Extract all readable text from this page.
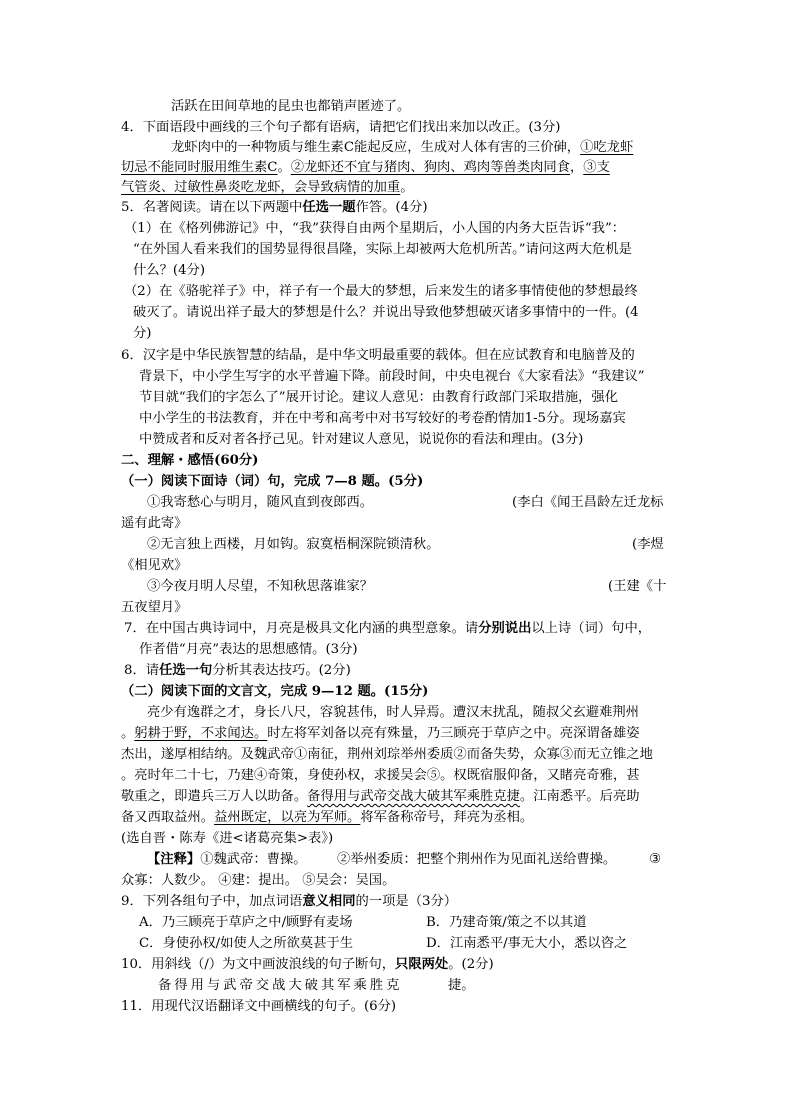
活跃在田间草地的昆虫也都销声匿迹了。
4．下面语段中画线的三个句子都有语病，请把它们找出来加以改正。(3分)
龙虾肉中的一种物质与维生素C能起反应，生成对人体有害的三价砷，①吃龙虾
切忌不能同时服用维生素C。②龙虾还不宜与猪肉、狗肉、鸡肉等兽类肉同食，③支
气管炎、过敏性鼻炎吃龙虾，会导致病情的加重。
5．名著阅读。请在以下两题中任选一题作答。(4分)
（1）在《格列佛游记》中，“我”获得自由两个星期后，小人国的内务大臣告诉“我”：
“在外国人看来我们的国势显得很昌隆，实际上却被两大危机所苦。”请问这两大危机是
什么？(4分)
（2）在《骆驼祥子》中，祥子有一个最大的梦想，后来发生的诸多事情使他的梦想最终
破灭了。请说出祥子最大的梦想是什么？并说出导致他梦想破灭诸多事情中的一件。(4
分)
6．汉字是中华民族智慧的结晶，是中华文明最重要的载体。但在应试教育和电脑普及的
背景下，中小学生写字的水平普遍下降。前段时间，中央电视台《大家看法》“我建议”
节目就“我们的字怎么了”展开讨论。建议人意见：由教育行政部门采取措施，强化
中小学生的书法教育，并在中考和高考中对书写较好的考卷酌情加1-5分。现场嘉宾
中赞成者和反对者各抒己见。针对建议人意见，说说你的看法和理由。(3分)
二、理解・感悟(60分)
（一）阅读下面诗（词）句，完成 7—8 题。(5分)
①我寄愁心与明月，随风直到夜郎西。	(李白《闻王昌龄左迁龙标
遥有此寄》
②无言独上西楼，月如钩。寂寞梧桐深院锁清秋。	(李煜
《相见欢》
③今夜月明人尽望，不知秋思落谁家？	(王建《十
五夜望月》
7．在中国古典诗词中，月亮是极具文化内涵的典型意象。请分别说出以上诗（词）句中，
作者借“月亮”表达的思想感情。(3分)
8．请任选一句分析其表达技巧。(2分)
（二）阅读下面的文言文，完成 9—12 题。(15分)
亮少有逸群之才，身长八尺，容貌甚伟，时人异焉。遭汉末扰乱，随叔父玄避难荆州
。躬耕于野，不求闻达。时左将军刘备以亮有殊量，乃三顾亮于草庐之中。亮深谓备雄姿
杰出，遂厚相结纳。及魏武帝①南征，荆州刘琮举州委质②而备失势，众寡③而无立锥之地
。亮时年二十七，乃建④奇策，身使孙权，求援吴会⑤。权既宿服仰备，又睹亮奇雅，甚
敬重之，即遣兵三万人以助备。备得用与武帝交战大破其军乘胜克捷。江南悉平。后亮助
备又西取益州。益州既定，以亮为军师。将军备称帝号，拜亮为丞相。
(选自晋・陈寿《进<诸葛亮集>表》)
【注释】①魏武帝：曹操。 ②举州委质：把整个荆州作为见面礼送给曹操。 ③
众寡：人数少。 ④建：提出。 ⑤吴会：吴国。
9．下列各组句子中，加点词语意义相同的一项是（3分）
A．乃三顾亮于草庐之中/顾野有麦场	B．乃建奇策/策之不以其道
C．身使孙权/如使人之所欲莫甚于生	D．江南悉平/事无大小，悉以咨之
10．用斜线（/）为文中画波浪线的句子断句，只限两处。(2分)
备得用与武帝交战大破其军乘胜克	捷。
11．用现代汉语翻译文中画横线的句子。(6分)
